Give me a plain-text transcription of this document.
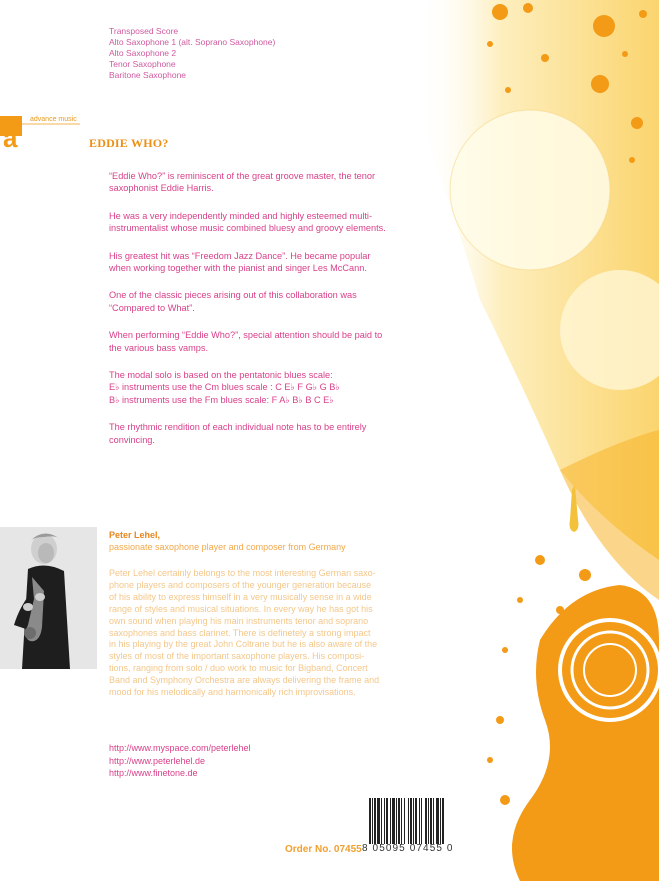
Transposed Score
Alto Saxophone 1 (alt. Soprano Saxophone)
Alto Saxophone 2
Tenor Saxophone
Baritone Saxophone
a
advance music
EDDIE WHO?

“Eddie Who?” is reminiscent of the great groove master, the tenor
saxophonist Eddie Harris.

He was a very independently minded and highly esteemed multi-
instrumentalist whose music combined bluesy and groovy elements.

His greatest hit was “Freedom Jazz Dance”. He became popular
when working together with the pianist and singer Les McCann.

One of the classic pieces arising out of this collaboration was
“Compared to What”.

When performing “Eddie Who?”, special attention should be paid to
the various bass vamps.

The modal solo is based on the pentatonic blues scale:
E♭ instruments use the Cm blues scale : C E♭ F G♭ G B♭
B♭ instruments use the Fm blues scale: F A♭ B♭ B C E♭

The rhythmic rendition of each individual note has to be entirely
convincing.

Peter Lehel,
passionate saxophone player and composer from Germany
Peter Lehel certainly belongs to the most interesting German saxo-
phone players and composers of the younger generation because
of his ability to express himself in a very musically sense in a wide
range of styles and musical situations. In every way he has got his
own sound when playing his main instruments tenor and soprano
saxophones and bass clarinet. There is definetely a strong impact
in his playing by the great John Coltrane but he is also aware of the
styles of most of the important saxophone players. His composi-
tions, ranging from solo / duo work to music for Bigband, Concert
Band and Symphony Orchestra are always delivering the frame and
mood for his melodically and harmonically rich improvisations.
http://www.myspace.com/peterlehel
http://www.peterlehel.de
http://www.finetone.de
Order No. 07455 8 05095 07455 0
